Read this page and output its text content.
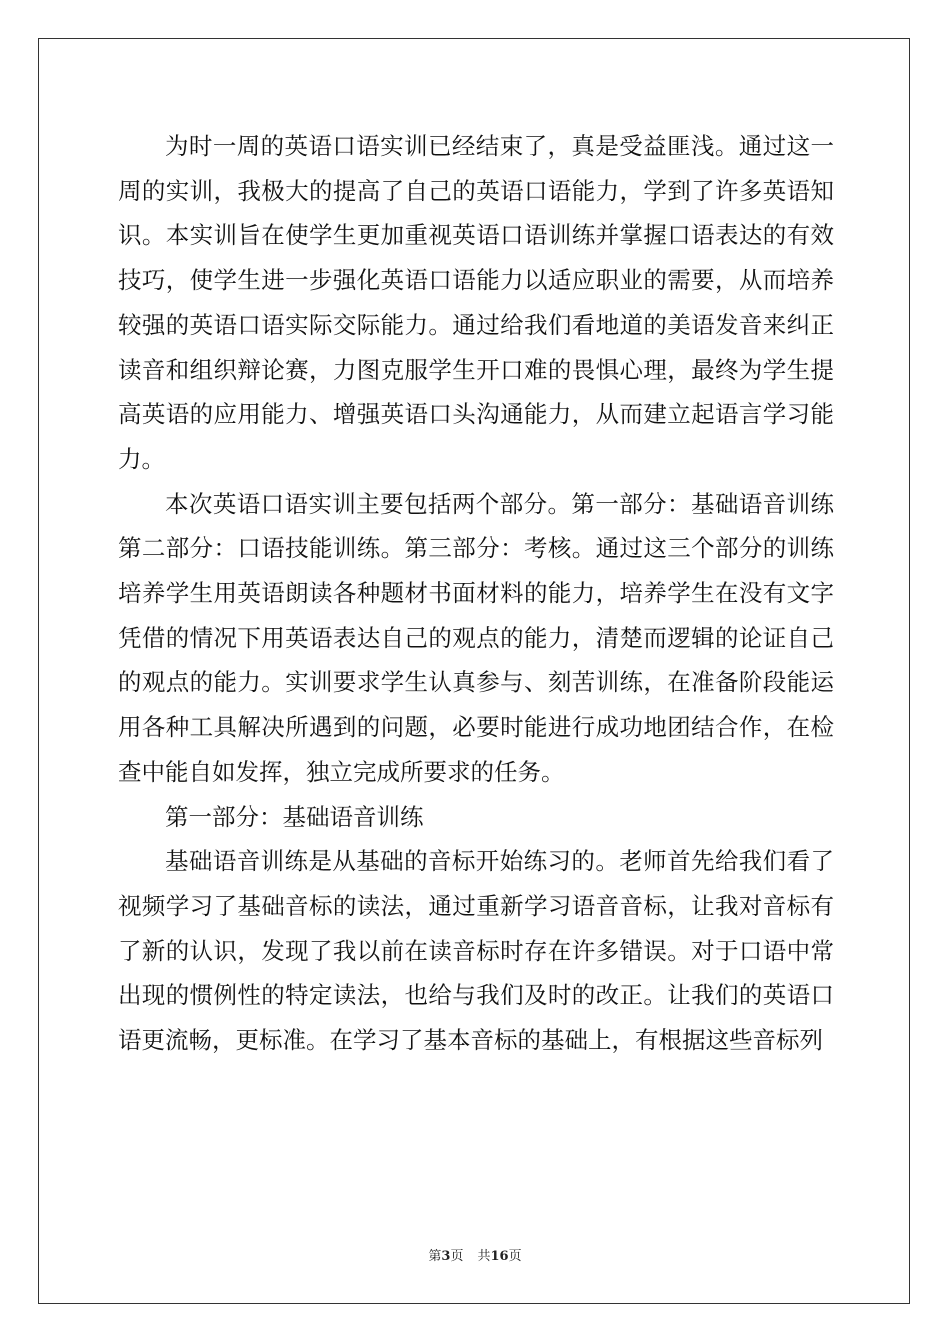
为时一周的英语口语实训已经结束了，真是受益匪浅。通过这一周的实训，我极大的提高了自己的英语口语能力，学到了许多英语知识。本实训旨在使学生更加重视英语口语训练并掌握口语表达的有效技巧，使学生进一步强化英语口语能力以适应职业的需要，从而培养较强的英语口语实际交际能力。通过给我们看地道的美语发音来纠正读音和组织辩论赛，力图克服学生开口难的畏惧心理，最终为学生提高英语的应用能力、增强英语口头沟通能力，从而建立起语言学习能力。

本次英语口语实训主要包括两个部分。第一部分：基础语音训练第二部分：口语技能训练。第三部分：考核。通过这三个部分的训练培养学生用英语朗读各种题材书面材料的能力，培养学生在没有文字凭借的情况下用英语表达自己的观点的能力，清楚而逻辑的论证自己的观点的能力。实训要求学生认真参与、刻苦训练，在准备阶段能运用各种工具解决所遇到的问题，必要时能进行成功地团结合作，在检查中能自如发挥，独立完成所要求的任务。

第一部分：基础语音训练

基础语音训练是从基础的音标开始练习的。老师首先给我们看了视频学习了基础音标的读法，通过重新学习语音音标，让我对音标有了新的认识，发现了我以前在读音标时存在许多错误。对于口语中常出现的惯例性的特定读法，也给与我们及时的改正。让我们的英语口语更流畅，更标准。在学习了基本音标的基础上，有根据这些音标列

第3页 共16页
